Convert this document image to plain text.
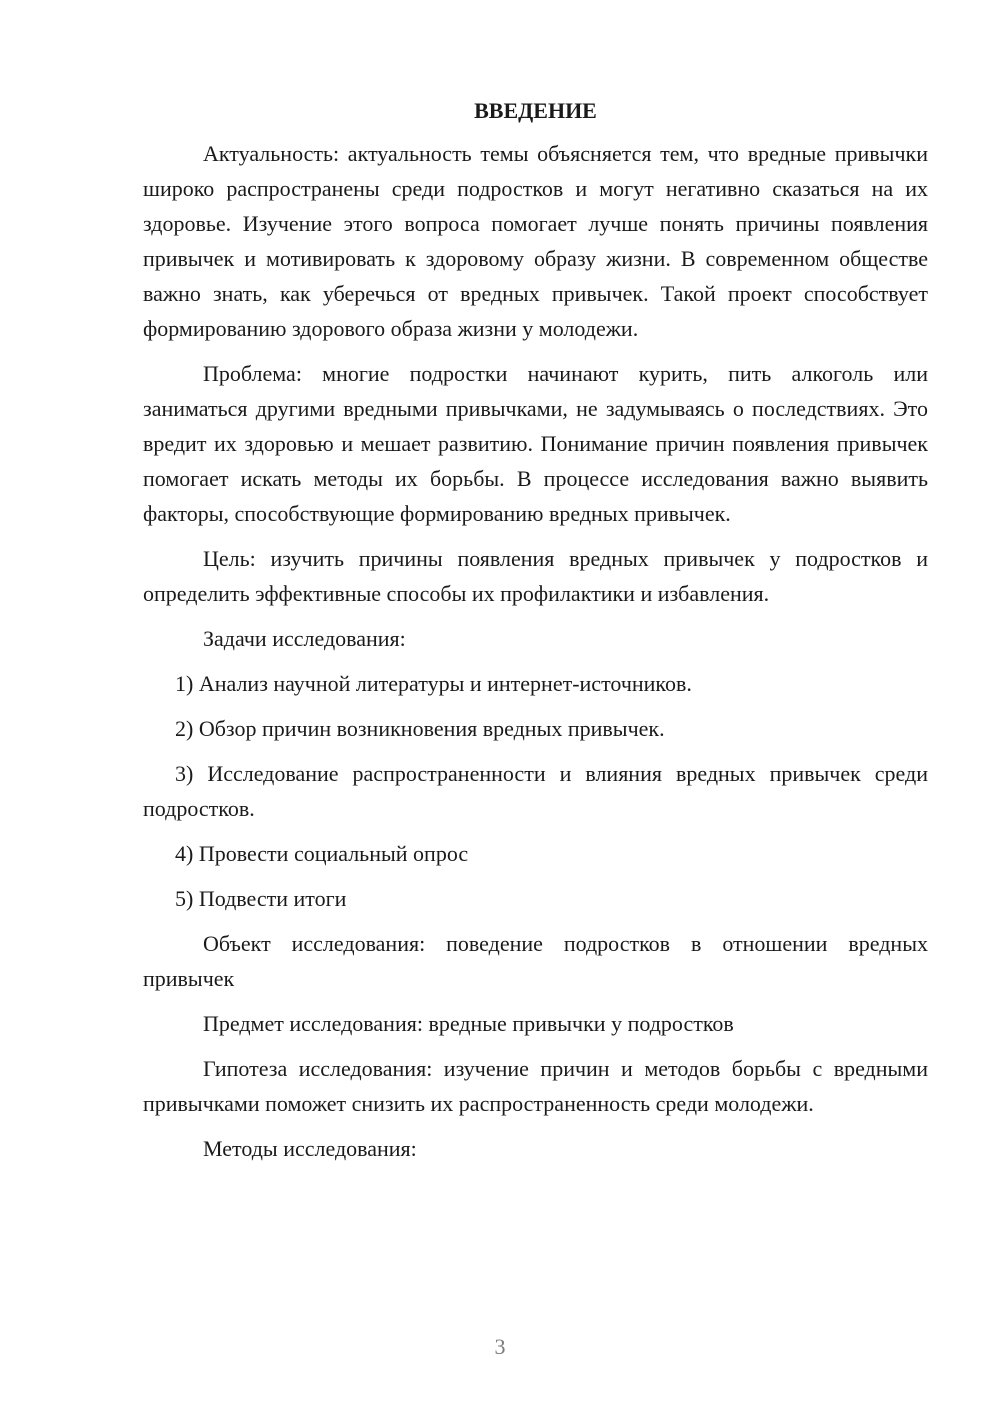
ВВЕДЕНИЕ
Актуальность: актуальность темы объясняется тем, что вредные привычки широко распространены среди подростков и могут негативно сказаться на их здоровье. Изучение этого вопроса помогает лучше понять причины появления привычек и мотивировать к здоровому образу жизни. В современном обществе важно знать, как уберечься от вредных привычек. Такой проект способствует формированию здорового образа жизни у молодежи.
Проблема: многие подростки начинают курить, пить алкоголь или заниматься другими вредными привычками, не задумываясь о последствиях. Это вредит их здоровью и мешает развитию. Понимание причин появления привычек помогает искать методы их борьбы. В процессе исследования важно выявить факторы, способствующие формированию вредных привычек.
Цель: изучить причины появления вредных привычек у подростков и определить эффективные способы их профилактики и избавления.
Задачи исследования:
1) Анализ научной литературы и интернет-источников.
2) Обзор причин возникновения вредных привычек.
3) Исследование распространенности и влияния вредных привычек среди подростков.
4) Провести социальный опрос
5) Подвести итоги
Объект исследования: поведение подростков в отношении вредных привычек
Предмет исследования: вредные привычки у подростков
Гипотеза исследования: изучение причин и методов борьбы с вредными привычками поможет снизить их распространенность среди молодежи.
Методы исследования:
3
